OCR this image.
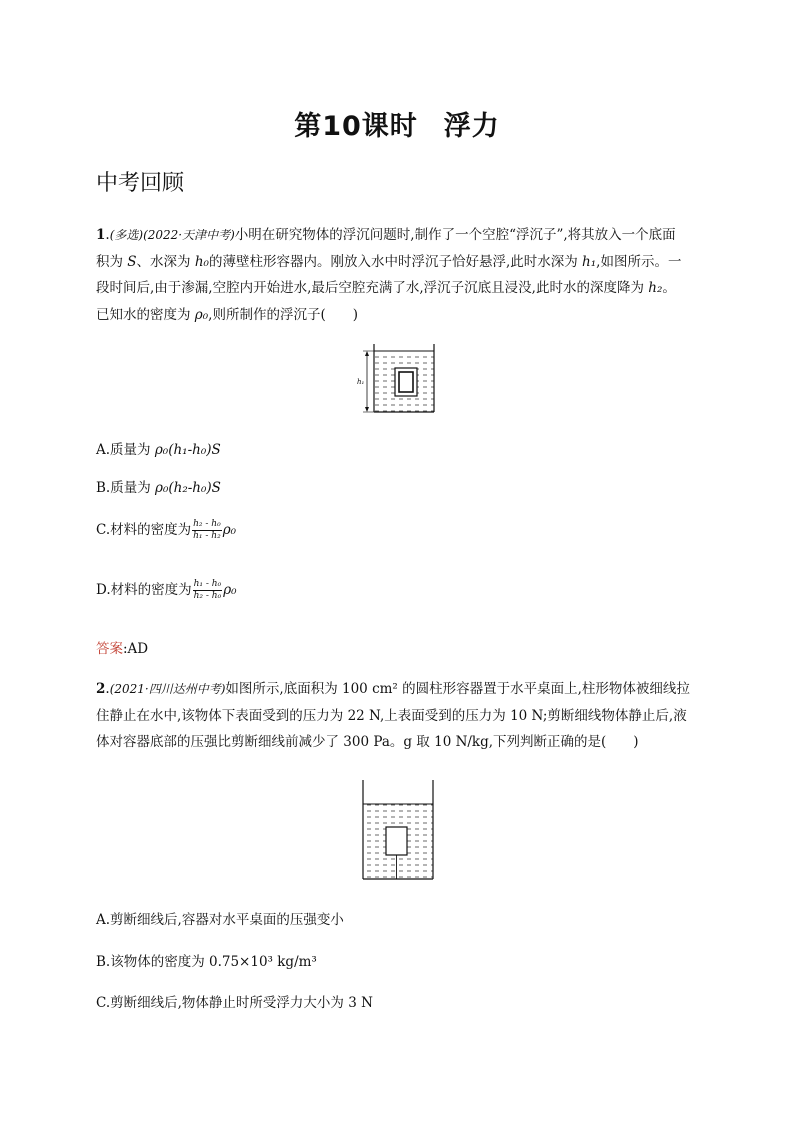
第10课时 浮力
中考回顾
1.(多选)(2022·天津中考)小明在研究物体的浮沉问题时,制作了一个空腔“浮沉子”,将其放入一个底面
积为 S、水深为 h₀的薄壁柱形容器内。刚放入水中时浮沉子恰好悬浮,此时水深为 h₁,如图所示。一
段时间后,由于渗漏,空腔内开始进水,最后空腔充满了水,浮沉子沉底且浸没,此时水的深度降为 h₂。
已知水的密度为 ρ₀,则所制作的浮沉子(　　)
h₁
A.质量为 ρ₀(h₁-h₀)S
B.质量为 ρ₀(h₂-h₀)S
C.材料的密度为 $\frac{\text{h₂ - h₀}}{\text{h₁ - h₂}} \rho_0$
D.材料的密度为 $\frac{\text{h₁ - h₀}}{\text{h₂ - h₀}} \rho_0$
答案:AD
2.(2021·四川达州中考)如图所示,底面积为 100 cm² 的圆柱形容器置于水平桌面上,柱形物体被细线拉
住静止在水中,该物体下表面受到的压力为 22 N,上表面受到的压力为 10 N;剪断细线物体静止后,液
体对容器底部的压强比剪断细线前减少了 300 Pa。g 取 10 N/kg,下列判断正确的是(　　)
A.剪断细线后,容器对水平桌面的压强变小
B.该物体的密度为 0.75×10³ kg/m³
C.剪断细线后,物体静止时所受浮力大小为 3 N
